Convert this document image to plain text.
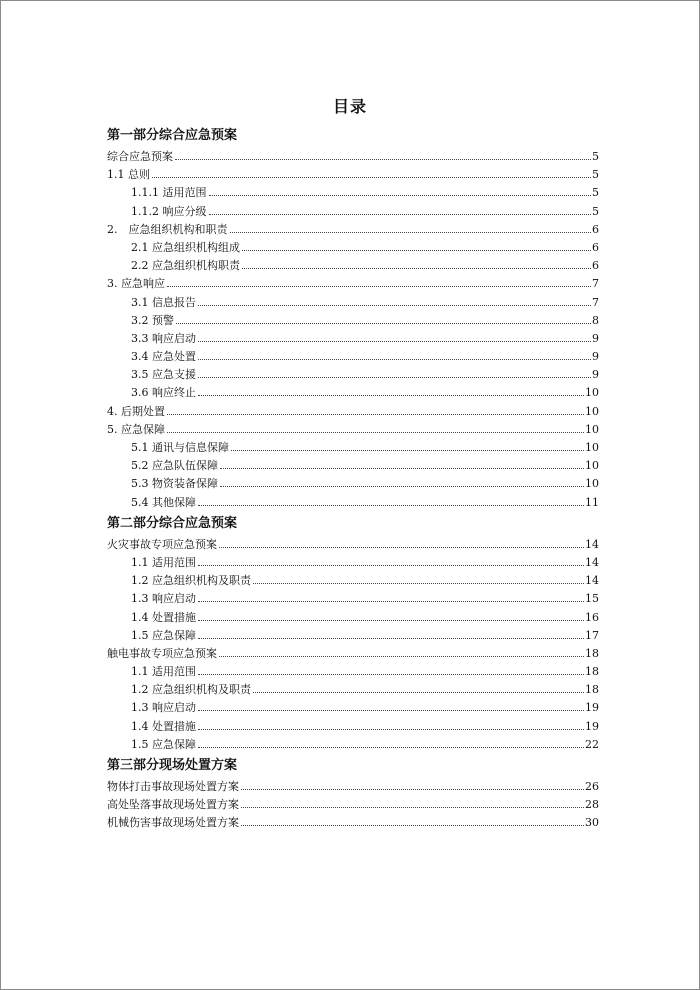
目录
第一部分综合应急预案
综合应急预案	5
1.1 总则	5
1.1.1 适用范围	5
1.1.2 响应分级	5
2.　应急组织机构和职责	6
2.1 应急组织机构组成	6
2.2 应急组织机构职责	6
3. 应急响应	7
3.1 信息报告	7
3.2 预警	8
3.3 响应启动	9
3.4 应急处置	9
3.5 应急支援	9
3.6 响应终止	10
4. 后期处置	10
5. 应急保障	10
5.1 通讯与信息保障	10
5.2 应急队伍保障	10
5.3 物资装备保障	10
5.4 其他保障	11
第二部分综合应急预案
火灾事故专项应急预案	14
1.1 适用范围	14
1.2 应急组织机构及职责	14
1.3 响应启动	15
1.4 处置措施	16
1.5 应急保障	17
触电事故专项应急预案	18
1.1 适用范围	18
1.2 应急组织机构及职责	18
1.3 响应启动	19
1.4 处置措施	19
1.5 应急保障	22
第三部分现场处置方案
物体打击事故现场处置方案	26
高处坠落事故现场处置方案	28
机械伤害事故现场处置方案	30
